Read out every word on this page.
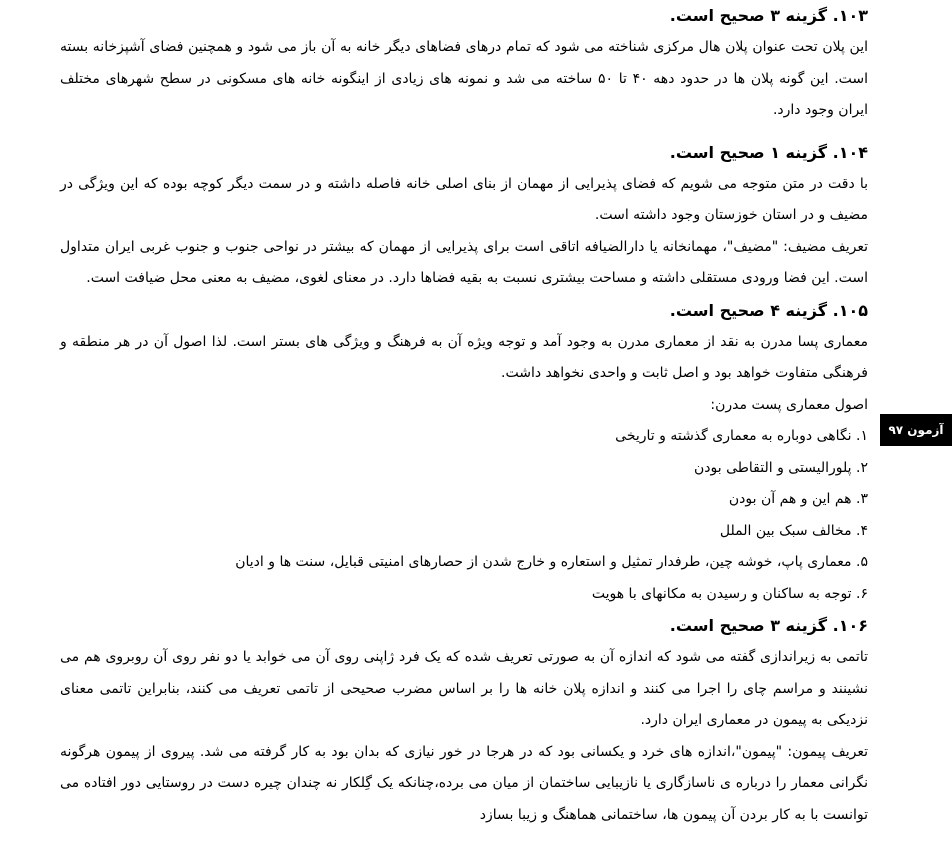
آزمون ۹۷
۱۰۳. گزینه ۳ صحیح است.

این پلان تحت عنوان پلان هال مرکزی شناخته می شود که تمام درهای فضاهای دیگر خانه به آن باز می شود و همچنین فضای آشپزخانه بسته است. این گونه پلان ها در حدود دهه ۴۰ تا ۵۰ ساخته می شد و نمونه های زیادی از اینگونه خانه های مسکونی در سطح شهرهای مختلف ایران وجود دارد.

۱۰۴. گزینه ۱ صحیح است.

با دقت در متن متوجه می شویم که فضای پذیرایی از مهمان از بنای اصلی خانه فاصله داشته و در سمت دیگر کوچه بوده که این ویژگی در مضیف و در استان خوزستان وجود داشته است.

تعریف مضیف: "مضیف"، مهمانخانه یا دارالضیافه اتاقی است برای پذیرایی از مهمان که بیشتر در نواحی جنوب و جنوب غربی ایران متداول است. این فضا ورودی مستقلی داشته و مساحت بیشتری نسبت به بقیه فضاها دارد. در معنای لغوی، مضیف به معنی محل ضیافت است.

۱۰۵. گزینه ۴ صحیح است.

معماری پسا مدرن به نقد از معماری مدرن به وجود آمد و توجه ویژه آن به فرهنگ و ویژگی های بستر است. لذا اصول آن در هر منطقه و فرهنگی متفاوت خواهد بود و اصل ثابت و واحدی نخواهد داشت.

اصول معماری پست مدرن:

۱. نگاهی دوباره به معماری گذشته و تاریخی
۲. پلورالیستی و التقاطی بودن
۳. هم این و هم آن بودن
۴. مخالف سبک بین الملل
۵. معماری پاپ، خوشه چین، طرفدار تمثیل و استعاره و خارج شدن از حصارهای امنیتی قبایل، سنت ها و ادیان
۶. توجه به ساکنان و رسیدن به مکانهای با هویت
۱۰۶. گزینه ۳ صحیح است.

تاتمی به زیراندازی گفته می شود که اندازه آن به صورتی تعریف شده که یک فرد ژاپنی روی آن می خوابد یا دو نفر روی آن روبروی هم می نشینند و مراسم چای را اجرا می کنند و اندازه پلان خانه ها را بر اساس مضرب صحیحی از تاتمی تعریف می کنند، بنابراین تاتمی معنای نزدیکی به پیمون در معماری ایران دارد.

تعریف پیمون: "پیمون"،اندازه های خرد و یکسانی بود که در هرجا در خور نیازی که بدان بود به کار گرفته می شد. پیروی از پیمون هرگونه نگرانی معمار را درباره ی ناسازگاری یا نازیبایی ساختمان از میان می برده،چنانکه یک گِلکار نه چندان چیره دست در روستایی دور افتاده می توانست با به کار بردن آن پیمون ها، ساختمانی هماهنگ و زیبا بسازد
